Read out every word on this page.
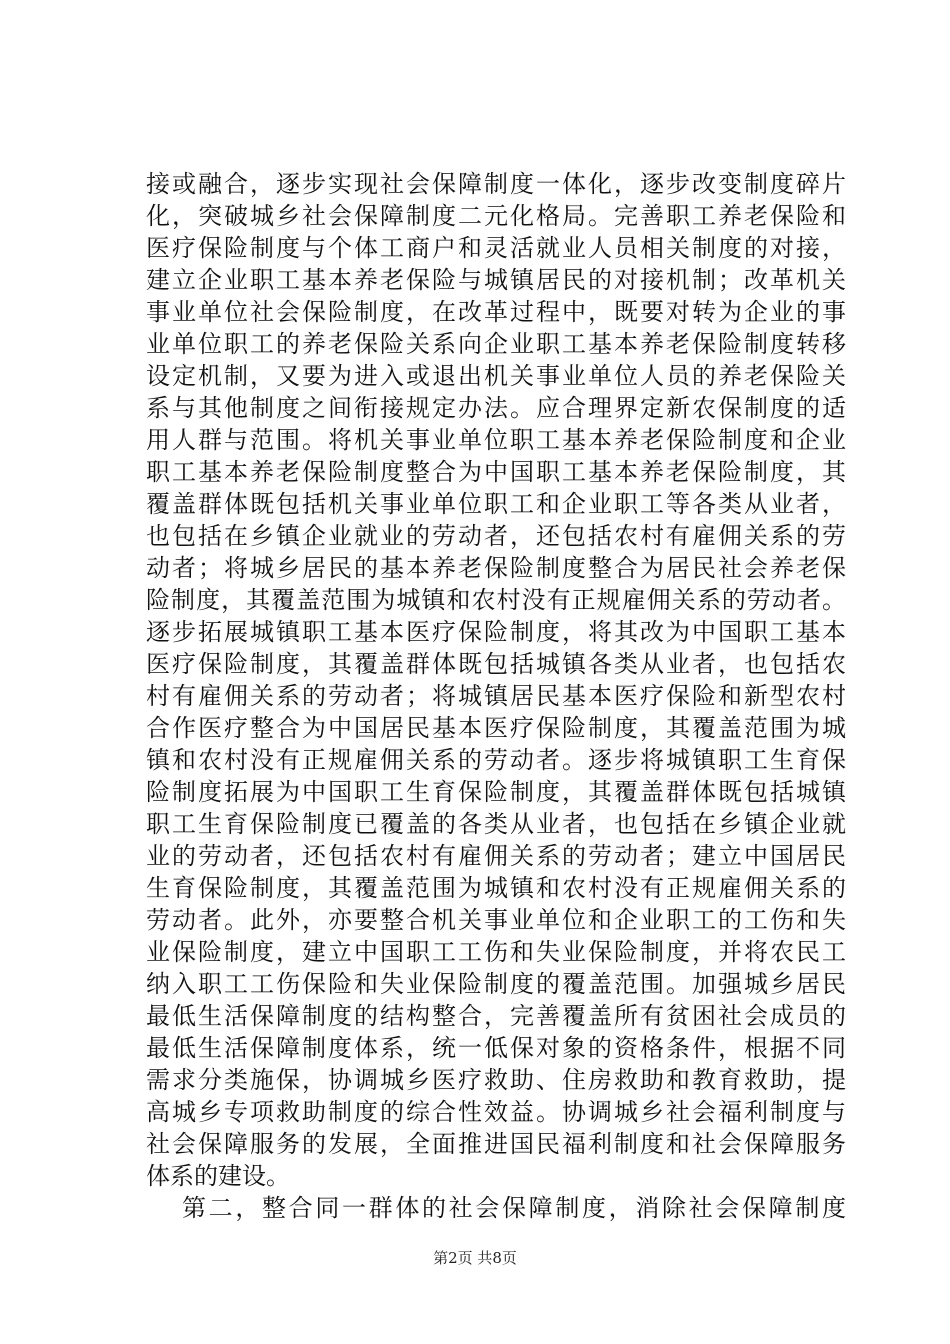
接或融合，逐步实现社会保障制度一体化，逐步改变制度碎片
化，突破城乡社会保障制度二元化格局。完善职工养老保险和
医疗保险制度与个体工商户和灵活就业人员相关制度的对接，
建立企业职工基本养老保险与城镇居民的对接机制；改革机关
事业单位社会保险制度，在改革过程中，既要对转为企业的事
业单位职工的养老保险关系向企业职工基本养老保险制度转移
设定机制，又要为进入或退出机关事业单位人员的养老保险关
系与其他制度之间衔接规定办法。应合理界定新农保制度的适
用人群与范围。将机关事业单位职工基本养老保险制度和企业
职工基本养老保险制度整合为中国职工基本养老保险制度，其
覆盖群体既包括机关事业单位职工和企业职工等各类从业者，
也包括在乡镇企业就业的劳动者，还包括农村有雇佣关系的劳
动者；将城乡居民的基本养老保险制度整合为居民社会养老保
险制度，其覆盖范围为城镇和农村没有正规雇佣关系的劳动者。
逐步拓展城镇职工基本医疗保险制度，将其改为中国职工基本
医疗保险制度，其覆盖群体既包括城镇各类从业者，也包括农
村有雇佣关系的劳动者；将城镇居民基本医疗保险和新型农村
合作医疗整合为中国居民基本医疗保险制度，其覆盖范围为城
镇和农村没有正规雇佣关系的劳动者。逐步将城镇职工生育保
险制度拓展为中国职工生育保险制度，其覆盖群体既包括城镇
职工生育保险制度已覆盖的各类从业者，也包括在乡镇企业就
业的劳动者，还包括农村有雇佣关系的劳动者；建立中国居民
生育保险制度，其覆盖范围为城镇和农村没有正规雇佣关系的
劳动者。此外，亦要整合机关事业单位和企业职工的工伤和失
业保险制度，建立中国职工工伤和失业保险制度，并将农民工
纳入职工工伤保险和失业保险制度的覆盖范围。加强城乡居民
最低生活保障制度的结构整合，完善覆盖所有贫困社会成员的
最低生活保障制度体系，统一低保对象的资格条件，根据不同
需求分类施保，协调城乡医疗救助、住房救助和教育救助，提
高城乡专项救助制度的综合性效益。协调城乡社会福利制度与
社会保障服务的发展，全面推进国民福利制度和社会保障服务
体系的建设。
第二，整合同一群体的社会保障制度，消除社会保障制度
第2页 共8页
